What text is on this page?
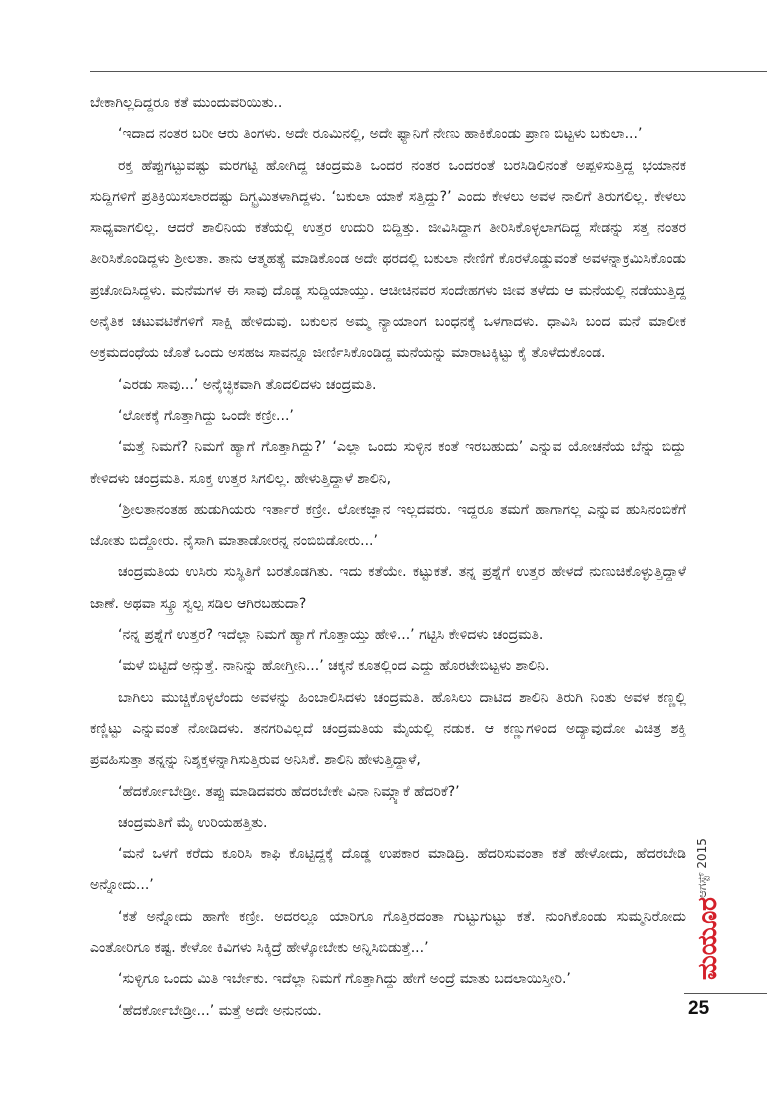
ಬೇಕಾಗಿಲ್ಲದಿದ್ದರೂ ಕತೆ ಮುಂದುವರಿಯಿತು..

‘ಇದಾದ ನಂತರ ಬರೀ ಆರು ತಿಂಗಳು. ಅದೇ ರೂಮಿನಲ್ಲಿ, ಅದೇ ಫ್ಯಾನಿಗೆ ನೇಣು ಹಾಕಿಕೊಂಡು ಪ್ರಾಣ ಬಿಟ್ಟಳು ಬಕುಲಾ...’

ರಕ್ತ ಹೆಪ್ಪುಗಟ್ಟುವಷ್ಟು ಮರಗಟ್ಟಿ ಹೋಗಿದ್ದ ಚಂದ್ರಮತಿ ಒಂದರ ನಂತರ ಒಂದರಂತೆ ಬರಸಿಡಿಲಿನಂತೆ ಅಪ್ಪಳಿಸುತ್ತಿದ್ದ ಭಯಾನಕ ಸುದ್ದಿಗಳಿಗೆ ಪ್ರತಿಕ್ರಿಯಿಸಲಾರದಷ್ಟು ದಿಗ್ಭ್ರಮಿತಳಾಗಿದ್ದಳು. ‘ಬಕುಲಾ ಯಾಕೆ ಸತ್ತಿದ್ದು?’ ಎಂದು ಕೇಳಲು ಅವಳ ನಾಲಿಗೆ ತಿರುಗಲಿಲ್ಲ. ಕೇಳಲು ಸಾಧ್ಯವಾಗಲಿಲ್ಲ. ಆದರೆ ಶಾಲಿನಿಯ ಕತೆಯಲ್ಲಿ ಉತ್ತರ ಉದುರಿ ಬಿದ್ದಿತ್ತು. ಜೀವಿಸಿದ್ದಾಗ ತೀರಿಸಿಕೊಳ್ಳಲಾಗದಿದ್ದ ಸೇಡನ್ನು ಸತ್ತ ನಂತರ ತೀರಿಸಿಕೊಂಡಿದ್ದಳು ಶ್ರೀಲತಾ. ತಾನು ಆತ್ಮಹತ್ಯೆ ಮಾಡಿಕೊಂಡ ಅದೇ ಥರದಲ್ಲಿ ಬಕುಲಾ ನೇಣಿಗೆ ಕೊರಳೊಡ್ಡುವಂತೆ ಅವಳನ್ನಾಕ್ರಮಿಸಿಕೊಂಡು ಪ್ರಚೋದಿಸಿದ್ದಳು. ಮನೆಮಗಳ ಈ ಸಾವು ದೊಡ್ಡ ಸುದ್ದಿಯಾಯ್ತು. ಆಚೀಚಿನವರ ಸಂದೇಹಗಳು ಜೀವ ತಳೆದು ಆ ಮನೆಯಲ್ಲಿ ನಡೆಯುತ್ತಿದ್ದ ಅನೈತಿಕ ಚಟುವಟಿಕೆಗಳಿಗೆ ಸಾಕ್ಷಿ ಹೇಳಿದುವು. ಬಕುಲನ ಅಮ್ಮ ನ್ಯಾಯಾಂಗ ಬಂಧನಕ್ಕೆ ಒಳಗಾದಳು. ಧಾವಿಸಿ ಬಂದ ಮನೆ ಮಾಲೀಕ ಅಕ್ರಮದಂಧೆಯ ಜೊತೆ ಒಂದು ಅಸಹಜ ಸಾವನ್ನೂ ಜೀರ್ಣಿಸಿಕೊಂಡಿದ್ದ ಮನೆಯನ್ನು ಮಾರಾಟಕ್ಕಿಟ್ಟು ಕೈ ತೊಳೆದುಕೊಂಡ.

‘ಎರಡು ಸಾವು...’ ಅನೈಚ್ಛಿಕವಾಗಿ ತೊದಲಿದಳು ಚಂದ್ರಮತಿ.

‘ಲೋಕಕ್ಕೆ ಗೊತ್ತಾಗಿದ್ದು ಒಂದೇ ಕಣ್ರೀ...’

‘ಮತ್ತೆ ನಿಮಗೆ? ನಿಮಗೆ ಹ್ಯಾಗೆ ಗೊತ್ತಾಗಿದ್ದು?’ ‘ಎಲ್ಲಾ ಒಂದು ಸುಳ್ಳಿನ ಕಂತೆ ಇರಬಹುದು’ ಎನ್ನುವ ಯೋಚನೆಯ ಬೆನ್ನು ಬಿದ್ದು ಕೇಳಿದಳು ಚಂದ್ರಮತಿ. ಸೂಕ್ತ ಉತ್ತರ ಸಿಗಲಿಲ್ಲ. ಹೇಳುತ್ತಿದ್ದಾಳೆ ಶಾಲಿನಿ,

‘ಶ್ರೀಲತಾನಂತಹ ಹುಡುಗಿಯರು ಇರ್ತಾರೆ ಕಣ್ರೀ. ಲೋಕಜ್ಞಾನ ಇಲ್ಲದವರು. ಇದ್ದರೂ ತಮಗೆ ಹಾಗಾಗಲ್ಲ ಎನ್ನುವ ಹುಸಿನಂಬಿಕೆಗೆ ಜೋತು ಬಿದ್ದೋರು. ನೈಸಾಗಿ ಮಾತಾಡೋರನ್ನ ನಂಬಿಬಿಡೋರು...’

ಚಂದ್ರಮತಿಯ ಉಸಿರು ಸುಸ್ಥಿತಿಗೆ ಬರತೊಡಗಿತು. ಇದು ಕತೆಯೇ. ಕಟ್ಟುಕತೆ. ತನ್ನ ಪ್ರಶ್ನೆಗೆ ಉತ್ತರ ಹೇಳದೆ ನುಣುಚಿಕೊಳ್ಳುತ್ತಿದ್ದಾಳೆ ಜಾಣೆ. ಅಥವಾ ಸ್ಕ್ರೂ ಸ್ವಲ್ಪ ಸಡಿಲ ಆಗಿರಬಹುದಾ?

‘ನನ್ನ ಪ್ರಶ್ನೆಗೆ ಉತ್ತರ? ಇದೆಲ್ಲಾ ನಿಮಗೆ ಹ್ಯಾಗೆ ಗೊತ್ತಾಯ್ತು ಹೇಳಿ...’ ಗಟ್ಟಿಸಿ ಕೇಳಿದಳು ಚಂದ್ರಮತಿ.

‘ಮಳೆ ಬಿಟ್ಟಿದೆ ಅನ್ಸುತ್ತೆ. ನಾನಿನ್ನು ಹೋಗ್ತೀನಿ...’ ಚಕ್ಕನೆ ಕೂತಲ್ಲಿಂದ ಎದ್ದು ಹೊರಟೇಬಿಟ್ಟಳು ಶಾಲಿನಿ.

ಬಾಗಿಲು ಮುಚ್ಚಿಕೊಳ್ಳಲೆಂದು ಅವಳನ್ನು ಹಿಂಬಾಲಿಸಿದಳು ಚಂದ್ರಮತಿ. ಹೊಸಿಲು ದಾಟಿದ ಶಾಲಿನಿ ತಿರುಗಿ ನಿಂತು ಅವಳ ಕಣ್ಣಲ್ಲಿ ಕಣ್ಣಿಟ್ಟು ಎನ್ನುವಂತೆ ನೋಡಿದಳು. ತನಗರಿವಿಲ್ಲದೆ ಚಂದ್ರಮತಿಯ ಮೈಯಲ್ಲಿ ನಡುಕ. ಆ ಕಣ್ಣುಗಳಿಂದ ಅದ್ಯಾವುದೋ ವಿಚಿತ್ರ ಶಕ್ತಿ ಪ್ರವಹಿಸುತ್ತಾ ತನ್ನನ್ನು ನಿಶ್ಶಕ್ತಳನ್ನಾಗಿಸುತ್ತಿರುವ ಅನಿಸಿಕೆ. ಶಾಲಿನಿ ಹೇಳುತ್ತಿದ್ದಾಳೆ,

‘ಹೆದರ್ಕೋಬೇಡ್ರೀ. ತಪ್ಪು ಮಾಡಿದವರು ಹೆದರಬೇಕೇ ವಿನಾ ನಿಮ್ಗ್ಯಾಕೆ ಹೆದರಿಕೆ?’

ಚಂದ್ರಮತಿಗೆ ಮೈ ಉರಿಯಹತ್ತಿತು.

‘ಮನೆ ಒಳಗೆ ಕರೆದು ಕೂರಿಸಿ ಕಾಫಿ ಕೊಟ್ಟಿದ್ದಕ್ಕೆ ದೊಡ್ಡ ಉಪಕಾರ ಮಾಡಿದ್ರಿ. ಹೆದರಿಸುವಂತಾ ಕತೆ ಹೇಳೋದು, ಹೆದರಬೇಡಿ ಅನ್ನೋದು...’

‘ಕತೆ ಅನ್ನೋದು ಹಾಗೇ ಕಣ್ರೀ. ಅದರಲ್ಲೂ ಯಾರಿಗೂ ಗೊತ್ತಿರದಂತಾ ಗುಟ್ಟುಗುಟ್ಟು ಕತೆ. ನುಂಗಿಕೊಂಡು ಸುಮ್ಮನಿರೋದು ಎಂತೋರಿಗೂ ಕಷ್ಟ. ಕೇಳೋ ಕಿವಿಗಳು ಸಿಕ್ಕಿದ್ರೆ ಹೇಳ್ಕೋಬೇಕು ಅನ್ನಿಸಿಬಿಡುತ್ತೆ...’

‘ಸುಳ್ಳಿಗೂ ಒಂದು ಮಿತಿ ಇರ್ಬೇಕು. ಇದೆಲ್ಲಾ ನಿಮಗೆ ಗೊತ್ತಾಗಿದ್ದು ಹೇಗೆ ಅಂದ್ರೆ ಮಾತು ಬದಲಾಯಿಸ್ತೀರಿ.’

‘ಹೆದರ್ಕೋಬೇಡ್ರೀ...’ ಮತ್ತೆ ಅದೇ ಅನುನಯ.

ಆಗಸ್ಟ್ 2015
ಮಯೂರ
25
